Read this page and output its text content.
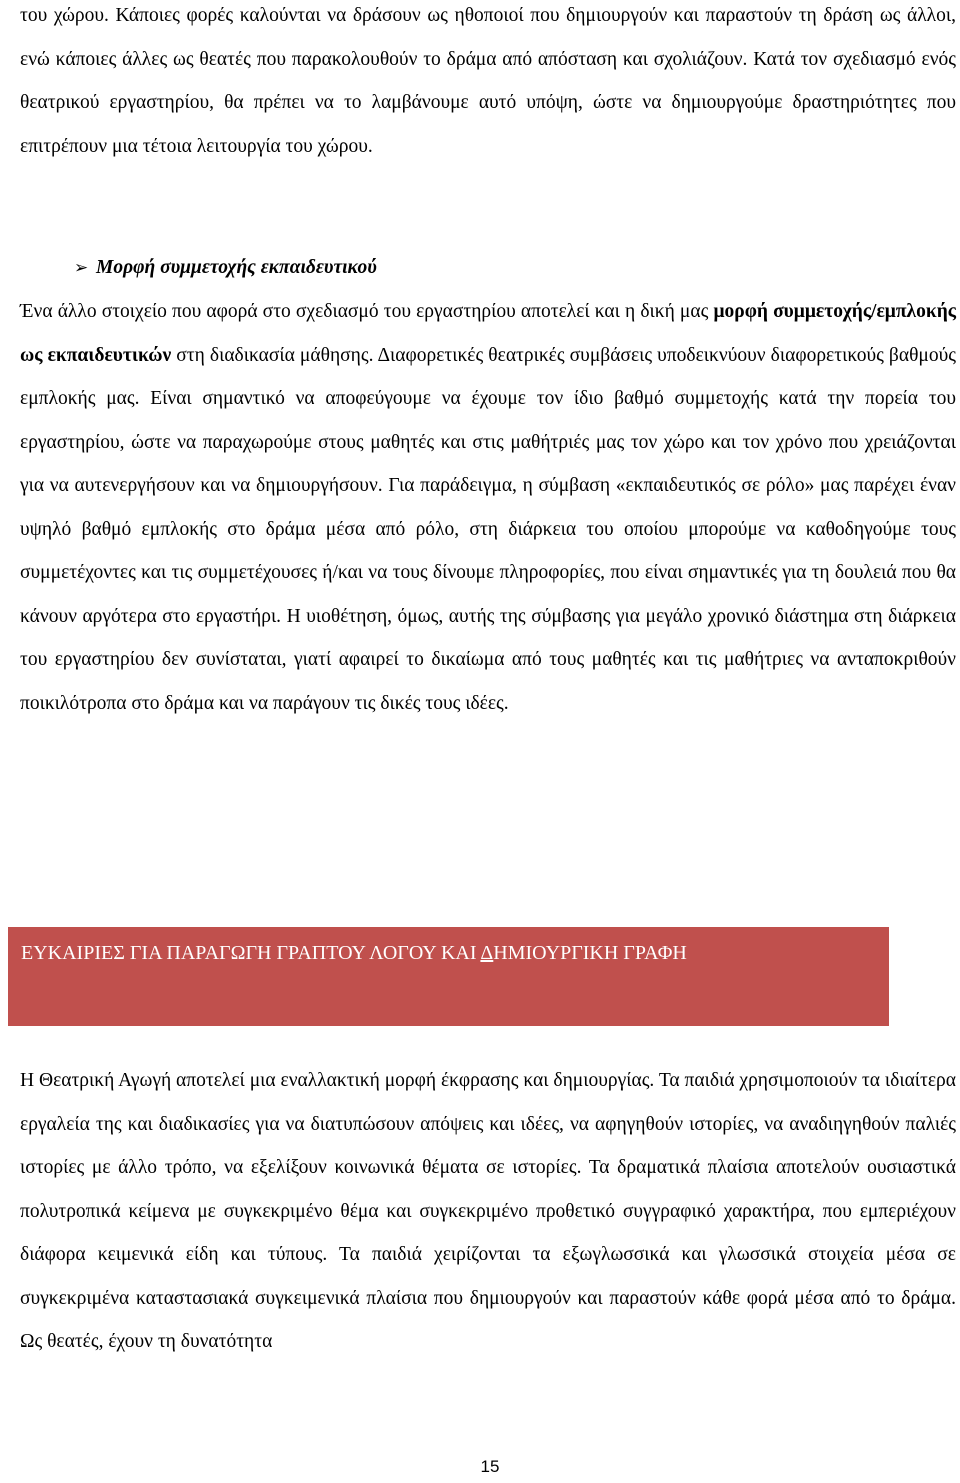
του χώρου. Κάποιες φορές καλούνται να δράσουν ως ηθοποιοί που δημιουργούν και παραστούν τη δράση ως άλλοι, ενώ κάποιες άλλες ως θεατές που παρακολουθούν το δράμα από απόσταση και σχολιάζουν. Κατά τον σχεδιασμό ενός θεατρικού εργαστηρίου, θα πρέπει να το λαμβάνουμε αυτό υπόψη, ώστε να δημιουργούμε δραστηριότητες που επιτρέπουν μια τέτοια λειτουργία του χώρου.

➢ Μορφή συμμετοχής εκπαιδευτικού

Ένα άλλο στοιχείο που αφορά στο σχεδιασμό του εργαστηρίου αποτελεί και η δική μας μορφή συμμετοχής/εμπλοκής ως εκπαιδευτικών στη διαδικασία μάθησης. Διαφορετικές θεατρικές συμβάσεις υποδεικνύουν διαφορετικούς βαθμούς εμπλοκής μας. Είναι σημαντικό να αποφεύγουμε να έχουμε τον ίδιο βαθμό συμμετοχής κατά την πορεία του εργαστηρίου, ώστε να παραχωρούμε στους μαθητές και στις μαθήτριές μας τον χώρο και τον χρόνο που χρειάζονται για να αυτενεργήσουν και να δημιουργήσουν. Για παράδειγμα, η σύμβαση «εκπαιδευτικός σε ρόλο» μας παρέχει έναν υψηλό βαθμό εμπλοκής στο δράμα μέσα από ρόλο, στη διάρκεια του οποίου μπορούμε να καθοδηγούμε τους συμμετέχοντες και τις συμμετέχουσες ή/και να τους δίνουμε πληροφορίες, που είναι σημαντικές για τη δουλειά που θα κάνουν αργότερα στο εργαστήρι. Η υιοθέτηση, όμως, αυτής της σύμβασης για μεγάλο χρονικό διάστημα στη διάρκεια του εργαστηρίου δεν συνίσταται, γιατί αφαιρεί το δικαίωμα από τους μαθητές και τις μαθήτριες να ανταποκριθούν ποικιλότροπα στο δράμα και να παράγουν τις δικές τους ιδέες.

ΕΥΚΑΙΡΙΕΣ ΓΙΑ ΠΑΡΑΓΩΓΗ ΓΡΑΠΤΟΥ ΛΟΓΟΥ ΚΑΙ ΔΗΜΙΟΥΡΓΙΚΗ ΓΡΑΦΗ

Η Θεατρική Αγωγή αποτελεί μια εναλλακτική μορφή έκφρασης και δημιουργίας. Τα παιδιά χρησιμοποιούν τα ιδιαίτερα εργαλεία της και διαδικασίες για να διατυπώσουν απόψεις και ιδέες, να αφηγηθούν ιστορίες, να αναδιηγηθούν παλιές ιστορίες με άλλο τρόπο, να εξελίξουν κοινωνικά θέματα σε ιστορίες. Τα δραματικά πλαίσια αποτελούν ουσιαστικά πολυτροπικά κείμενα με συγκεκριμένο θέμα και συγκεκριμένο προθετικό συγγραφικό χαρακτήρα, που εμπεριέχουν διάφορα κειμενικά είδη και τύπους. Τα παιδιά χειρίζονται τα εξωγλωσσικά και γλωσσικά στοιχεία μέσα σε συγκεκριμένα καταστασιακά συγκειμενικά πλαίσια που δημιουργούν και παραστούν κάθε φορά μέσα από το δράμα. Ως θεατές, έχουν τη δυνατότητα

15
